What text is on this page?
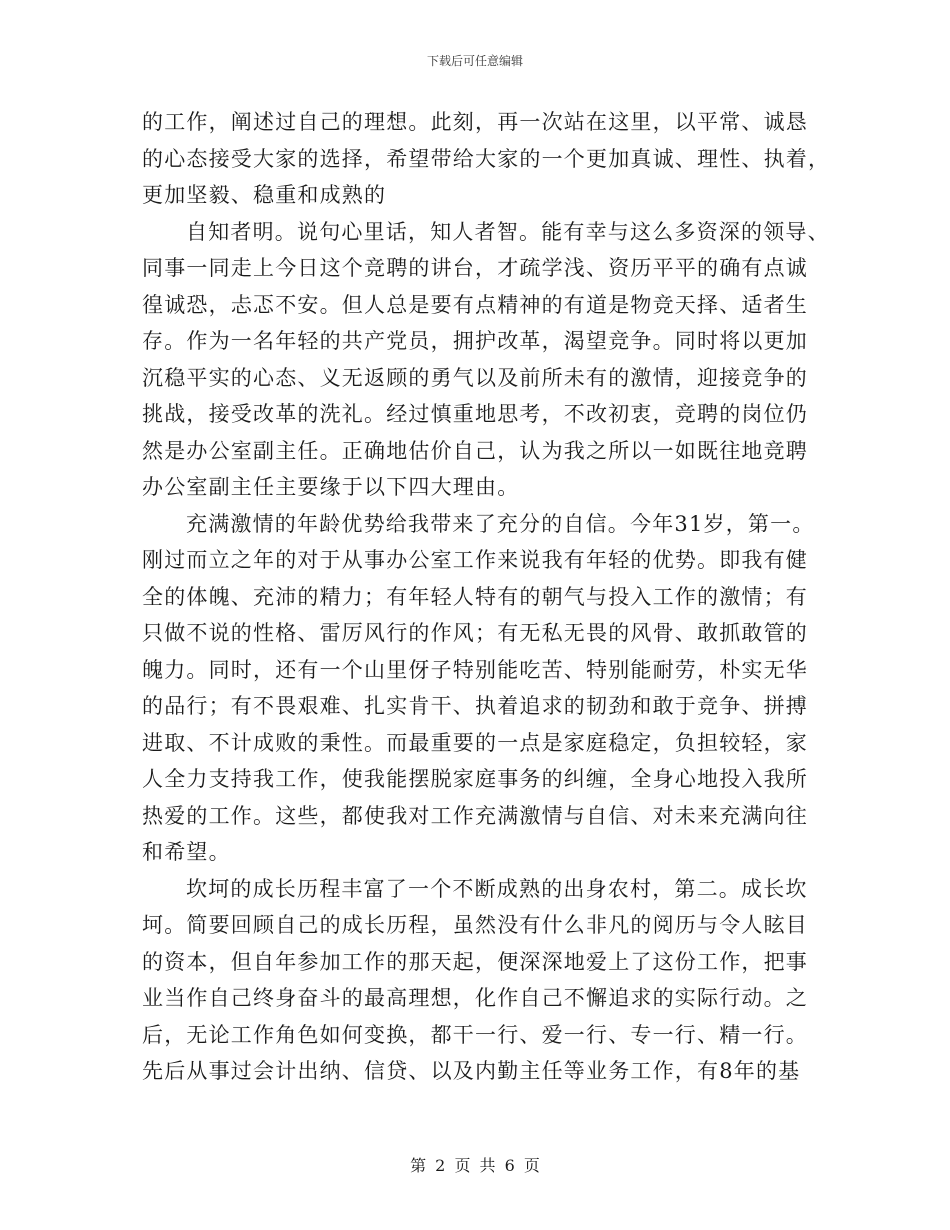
下载后可任意编辑

的工作，阐述过自己的理想。此刻，再一次站在这里，以平常、诚恳
的心态接受大家的选择，希望带给大家的一个更加真诚、理性、执着，
更加坚毅、稳重和成熟的

自知者明。说句心里话，知人者智。能有幸与这么多资深的领导、
同事一同走上今日这个竞聘的讲台，才疏学浅、资历平平的确有点诚
徨诚恐，忐忑不安。但人总是要有点精神的有道是物竞天择、适者生
存。作为一名年轻的共产党员，拥护改革，渴望竞争。同时将以更加
沉稳平实的心态、义无返顾的勇气以及前所未有的激情，迎接竞争的
挑战，接受改革的洗礼。经过慎重地思考，不改初衷，竞聘的岗位仍
然是办公室副主任。正确地估价自己，认为我之所以一如既往地竞聘
办公室副主任主要缘于以下四大理由。

充满激情的年龄优势给我带来了充分的自信。今年31岁，第一。
刚过而立之年的对于从事办公室工作来说我有年轻的优势。即我有健
全的体魄、充沛的精力；有年轻人特有的朝气与投入工作的激情；有
只做不说的性格、雷厉风行的作风；有无私无畏的风骨、敢抓敢管的
魄力。同时，还有一个山里伢子特别能吃苦、特别能耐劳，朴实无华
的品行；有不畏艰难、扎实肯干、执着追求的韧劲和敢于竞争、拼搏
进取、不计成败的秉性。而最重要的一点是家庭稳定，负担较轻，家
人全力支持我工作，使我能摆脱家庭事务的纠缠，全身心地投入我所
热爱的工作。这些，都使我对工作充满激情与自信、对未来充满向往
和希望。

坎坷的成长历程丰富了一个不断成熟的出身农村，第二。成长坎
坷。简要回顾自己的成长历程，虽然没有什么非凡的阅历与令人眩目
的资本，但自年参加工作的那天起，便深深地爱上了这份工作，把事
业当作自己终身奋斗的最高理想，化作自己不懈追求的实际行动。之
后，无论工作角色如何变换，都干一行、爱一行、专一行、精一行。
先后从事过会计出纳、信贷、以及内勤主任等业务工作，有8年的基

第 2 页 共 6 页
